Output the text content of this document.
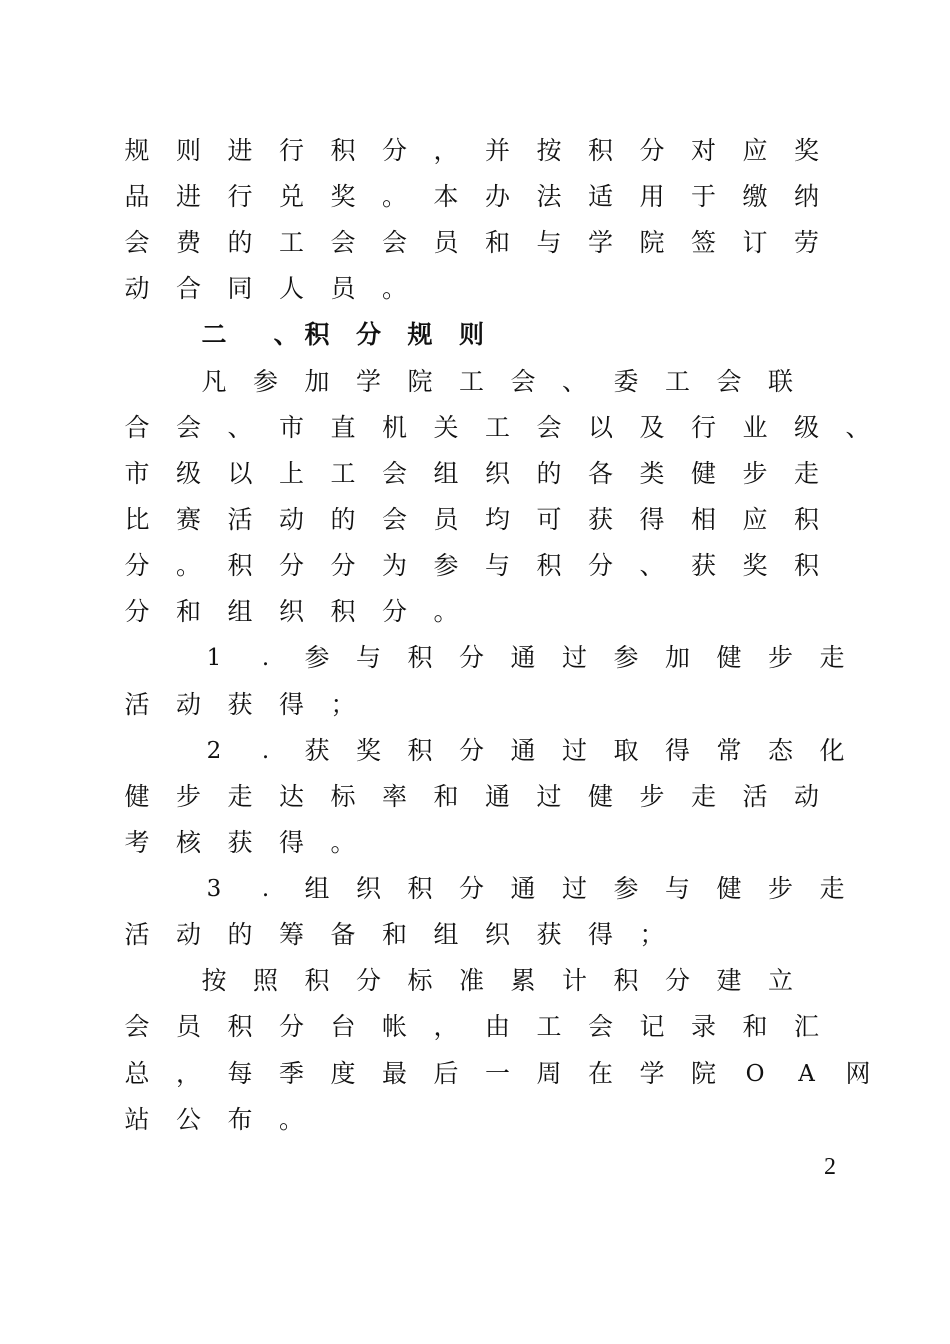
规 则 进 行 积 分 ， 并 按 积 分 对 应 奖
品 进 行 兑 奖 。 本 办 法 适 用 于 缴 纳
会 费 的 工 会 会 员 和 与 学 院 签 订 劳
动 合 同 人 员 。
二 、 积 分 规 则
凡 参 加 学 院 工 会 、 委 工 会 联
合 会 、 市 直 机 关 工 会 以 及 行 业 级 、
市 级 以 上 工 会 组 织 的 各 类 健 步 走
比 赛 活 动 的 会 员 均 可 获 得 相 应 积
分 。 积 分 分 为 参 与 积 分 、 获 奖 积
分 和 组 织 积 分 。
1	.	参 与 积 分 通 过 参 加 健 步 走
活 动 获 得 ；
2	.	获 奖 积 分 通 过 取 得 常 态 化
健 步 走 达 标 率 和 通 过 健 步 走 活 动
考 核 获 得 。
3	.	组 织 积 分 通 过 参 与 健 步 走
活 动 的 筹 备 和 组 织 获 得 ；
按 照 积 分 标 准 累 计 积 分 建 立
会 员 积 分 台 帐 ， 由 工 会 记 录 和 汇
总 ， 每 季 度 最 后 一 周 在 学 院 O A 网
站 公 布 。
2
